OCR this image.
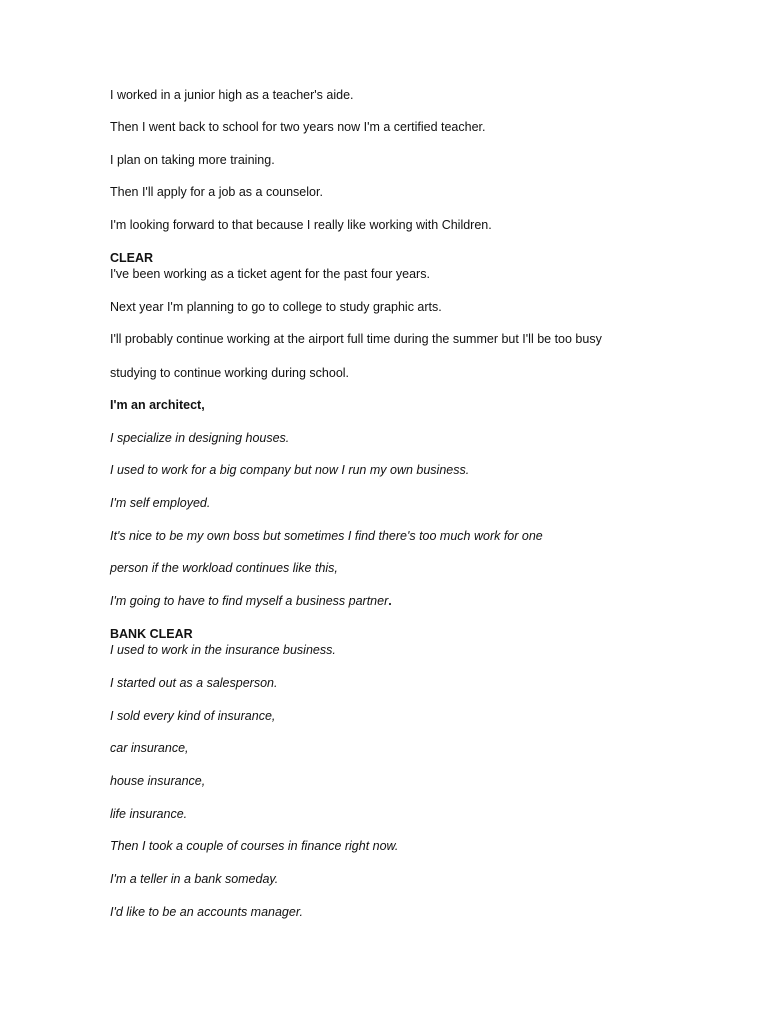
I worked in a junior high as a teacher's aide.
Then I went back to school for two years now I'm a certified teacher.
I plan on taking more training.
Then I'll apply for a job as a counselor.
I'm looking forward to that because I really like working with Children.
CLEAR
I've been working as a ticket agent for the past four years.
Next year I'm planning to go to college to study graphic arts.
I'll probably continue working at the airport full time during the summer but I'll be too busy
studying to continue working during school.
I'm an architect,
I specialize in designing houses.
I used to work for a big company but now I run my own business.
I'm self employed.
It's nice to be my own boss but sometimes I find there's too much work for one
person if the workload continues like this,
I'm going to have to find myself a business partner.
BANK CLEAR
I used to work in the insurance business.
I started out as a salesperson.
I sold every kind of insurance,
car insurance,
house insurance,
life insurance.
Then I took a couple of courses in finance right now.
I'm a teller in a bank someday.
I'd like to be an accounts manager.
